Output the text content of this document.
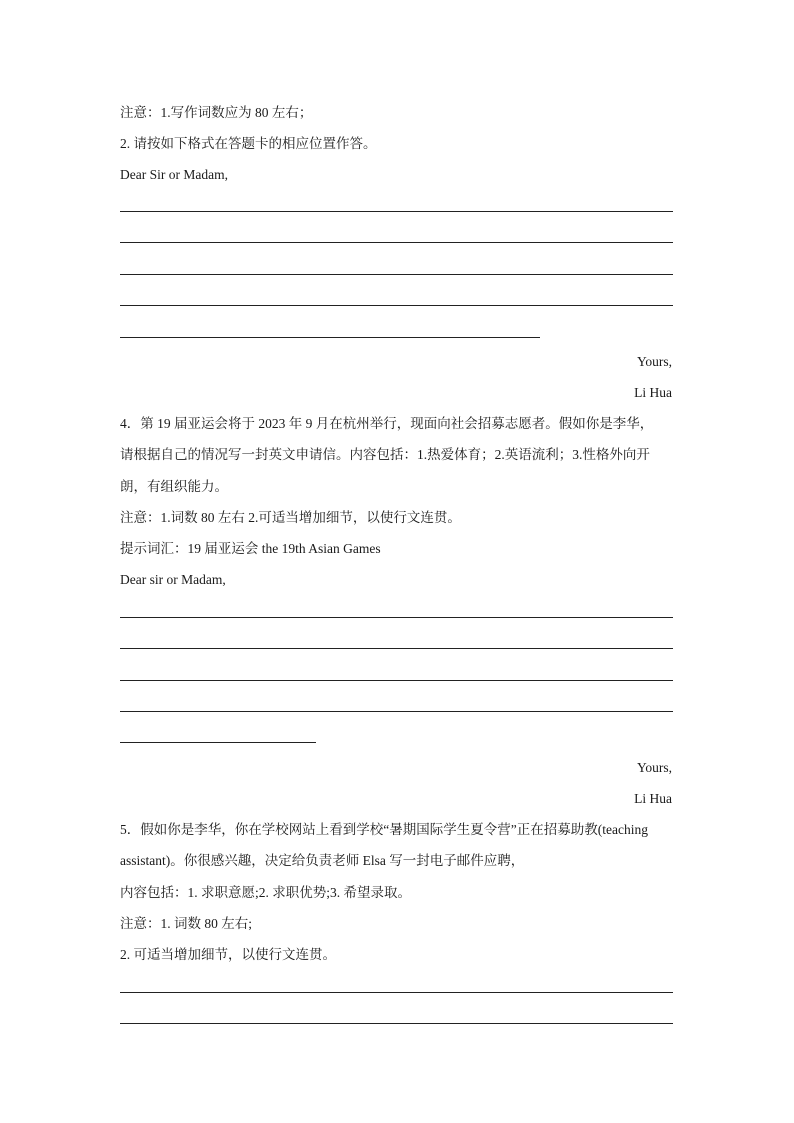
注意：1.写作词数应为 80 左右；

2. 请按如下格式在答题卡的相应位置作答。

Dear Sir or Madam,

Yours,

Li Hua

4．第 19 届亚运会将于 2023 年 9 月在杭州举行，现面向社会招募志愿者。假如你是李华，

请根据自己的情况写一封英文申请信。内容包括：1.热爱体育；2.英语流利；3.性格外向开

朗，有组织能力。

注意：1.词数 80 左右 2.可适当增加细节，以使行文连贯。

提示词汇：19 届亚运会 the 19th Asian Games

Dear sir or Madam,

Yours,

Li Hua

5．假如你是李华，你在学校网站上看到学校“暑期国际学生夏令营”正在招募助教(teaching

assistant)。你很感兴趣，决定给负责老师 Elsa 写一封电子邮件应聘，

内容包括：1. 求职意愿;2. 求职优势;3. 希望录取。

注意：1. 词数 80 左右;

2. 可适当增加细节，以使行文连贯。
